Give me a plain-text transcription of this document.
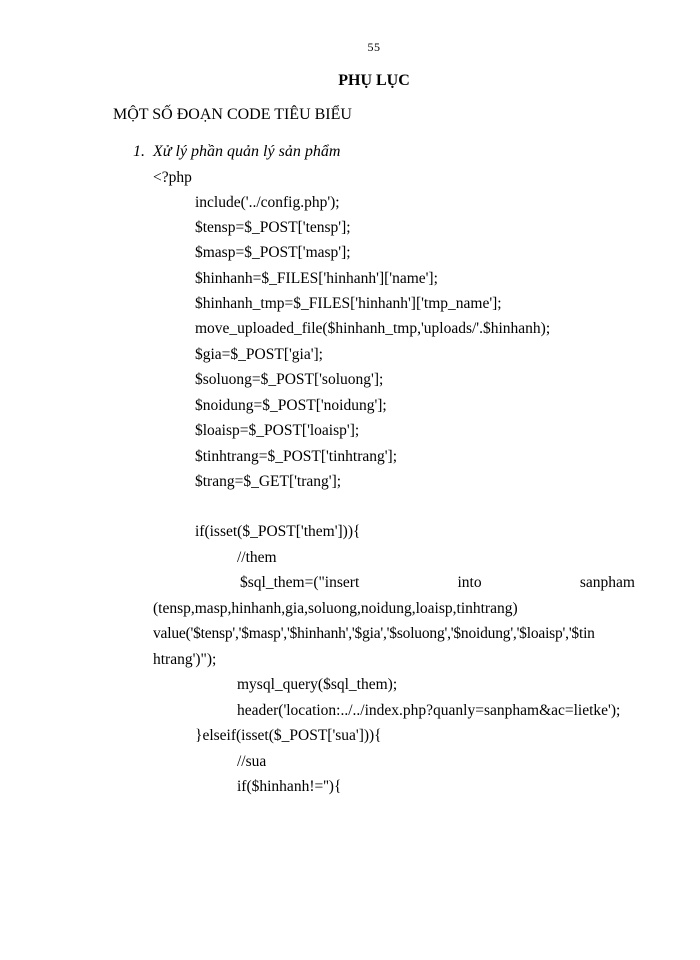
55
PHỤ LỤC
MỘT SỐ ĐOẠN CODE TIÊU BIỂU
1. Xử lý phần quản lý sản phẩm
<?php
include('../config.php');
$tensp=$_POST['tensp'];
$masp=$_POST['masp'];
$hinhanh=$_FILES['hinhanh']['name'];
$hinhanh_tmp=$_FILES['hinhanh']['tmp_name'];
move_uploaded_file($hinhanh_tmp,'uploads/'.$hinhanh);
$gia=$_POST['gia'];
$soluong=$_POST['soluong'];
$noidung=$_POST['noidung'];
$loaisp=$_POST['loaisp'];
$tinhtrang=$_POST['tinhtrang'];
$trang=$_GET['trang'];
if(isset($_POST['them'])){
//them
$sql_them=("insert	into	sanpham
(tensp,masp,hinhanh,gia,soluong,noidung,loaisp,tinhtrang)
value('$tensp','$masp','$hinhanh','$gia','$soluong','$noidung','$loaisp','$tin
htrang')");
mysql_query($sql_them);
header('location:../../index.php?quanly=sanpham&ac=lietke');
}elseif(isset($_POST['sua'])){
//sua
if($hinhanh!=''){
